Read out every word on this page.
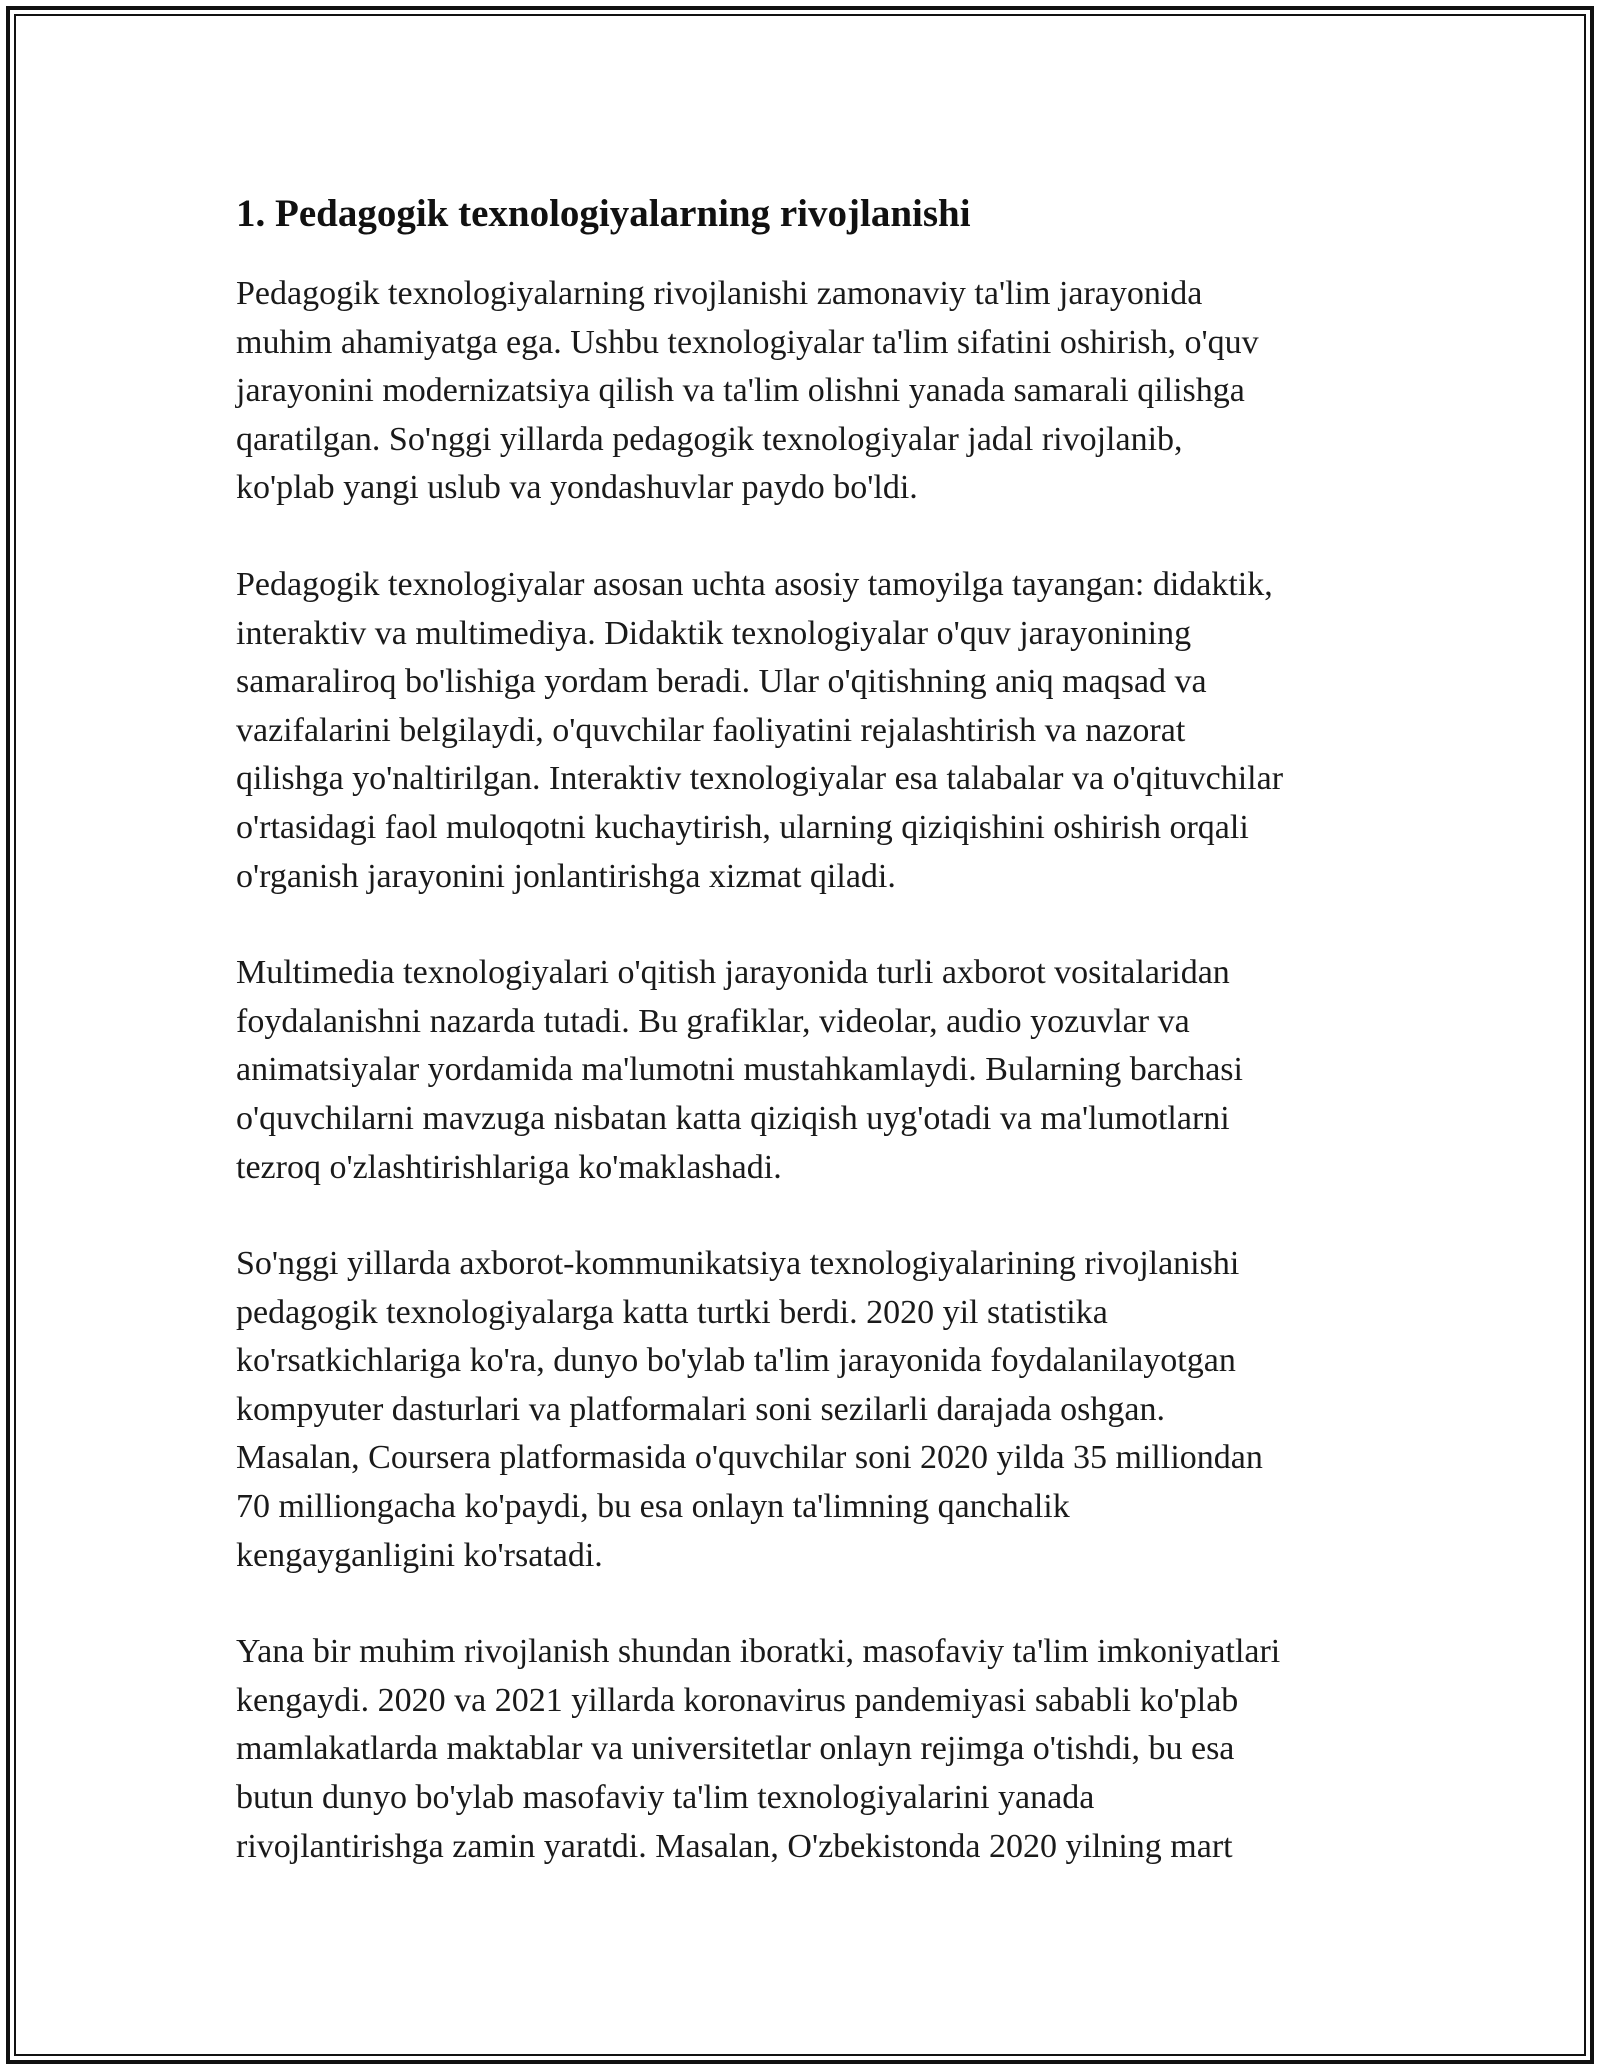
1. Pedagogik texnologiyalarning rivojlanishi

Pedagogik texnologiyalarning rivojlanishi zamonaviy ta'lim jarayonida
muhim ahamiyatga ega. Ushbu texnologiyalar ta'lim sifatini oshirish, o'quv
jarayonini modernizatsiya qilish va ta'lim olishni yanada samarali qilishga
qaratilgan. So'nggi yillarda pedagogik texnologiyalar jadal rivojlanib,
ko'plab yangi uslub va yondashuvlar paydo bo'ldi.

Pedagogik texnologiyalar asosan uchta asosiy tamoyilga tayangan: didaktik,
interaktiv va multimediya. Didaktik texnologiyalar o'quv jarayonining
samaraliroq bo'lishiga yordam beradi. Ular o'qitishning aniq maqsad va
vazifalarini belgilaydi, o'quvchilar faoliyatini rejalashtirish va nazorat
qilishga yo'naltirilgan. Interaktiv texnologiyalar esa talabalar va o'qituvchilar
o'rtasidagi faol muloqotni kuchaytirish, ularning qiziqishini oshirish orqali
o'rganish jarayonini jonlantirishga xizmat qiladi.

Multimedia texnologiyalari o'qitish jarayonida turli axborot vositalaridan
foydalanishni nazarda tutadi. Bu grafiklar, videolar, audio yozuvlar va
animatsiyalar yordamida ma'lumotni mustahkamlaydi. Bularning barchasi
o'quvchilarni mavzuga nisbatan katta qiziqish uyg'otadi va ma'lumotlarni
tezroq o'zlashtirishlariga ko'maklashadi.

So'nggi yillarda axborot-kommunikatsiya texnologiyalarining rivojlanishi
pedagogik texnologiyalarga katta turtki berdi. 2020 yil statistika
ko'rsatkichlariga ko'ra, dunyo bo'ylab ta'lim jarayonida foydalanilayotgan
kompyuter dasturlari va platformalari soni sezilarli darajada oshgan.
Masalan, Coursera platformasida o'quvchilar soni 2020 yilda 35 milliondan
70 milliongacha ko'paydi, bu esa onlayn ta'limning qanchalik
kengayganligini ko'rsatadi.

Yana bir muhim rivojlanish shundan iboratki, masofaviy ta'lim imkoniyatlari
kengaydi. 2020 va 2021 yillarda koronavirus pandemiyasi sababli ko'plab
mamlakatlarda maktablar va universitetlar onlayn rejimga o'tishdi, bu esa
butun dunyo bo'ylab masofaviy ta'lim texnologiyalarini yanada
rivojlantirishga zamin yaratdi. Masalan, O'zbekistonda 2020 yilning mart
